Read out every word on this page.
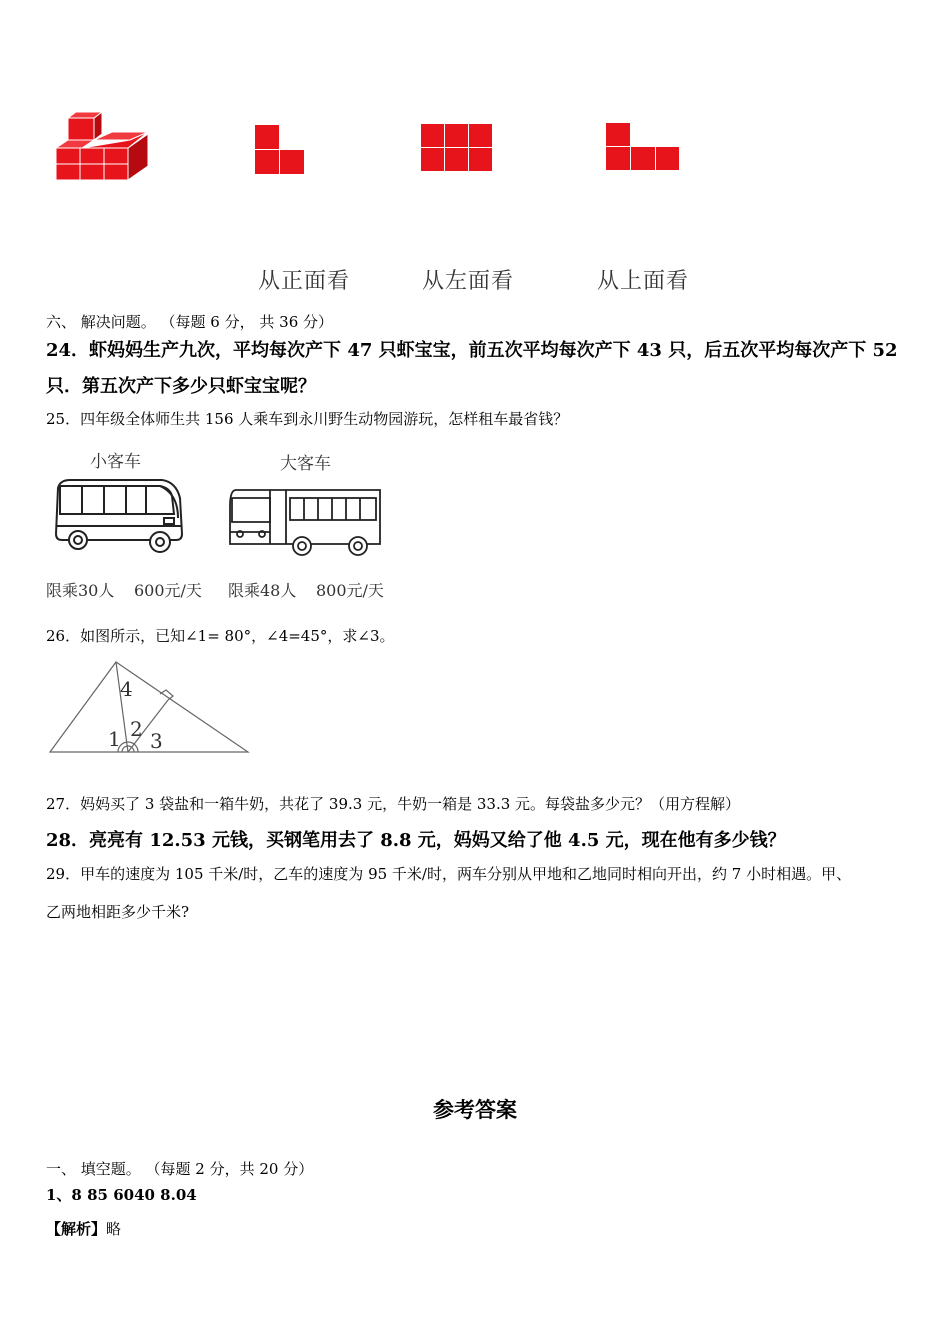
从正面看	从左面看	从上面看
六、 解决问题。 （每题 6 分， 共 36 分）
24．虾妈妈生产九次，平均每次产下 47 只虾宝宝，前五次平均每次产下 43 只，后五次平均每次产下 52
只．第五次产下多少只虾宝宝呢？
25．四年级全体师生共 156 人乘车到永川野生动物园游玩，怎样租车最省钱？
小客车	大客车
限乘30人 600元/天 限乘48人 800元/天
26．如图所示，已知∠1= 80°，∠4=45°，求∠3。
1 2 3
4
27．妈妈买了 3 袋盐和一箱牛奶，共花了 39.3 元，牛奶一箱是 33.3 元。每袋盐多少元？（用方程解）
28．亮亮有 12.53 元钱，买钢笔用去了 8.8 元，妈妈又给了他 4.5 元，现在他有多少钱？
29．甲车的速度为 105 千米/时，乙车的速度为 95 千米/时，两车分别从甲地和乙地同时相向开出，约 7 小时相遇。甲、
乙两地相距多少千米?
参考答案
一、 填空题。 （每题 2 分，共 20 分）
1、8 85 6040 8.04
【解析】略
